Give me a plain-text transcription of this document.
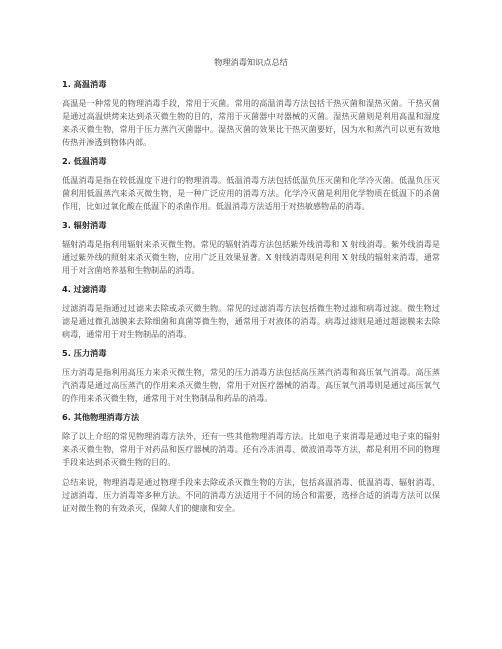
物理消毒知识点总结
1. 高温消毒

高温是一种常见的物理消毒手段，常用于灭菌。常用的高温消毒方法包括干热灭菌和湿热灭菌。干热灭菌是通过高温烘烤来达到杀灭微生物的目的，常用于灭菌器中对器械的灭菌。湿热灭菌则是利用高温和湿度来杀灭微生物，常用于压力蒸汽灭菌器中。湿热灭菌的效果比干热灭菌要好，因为水和蒸汽可以更有效地传热并渗透到物体内部。

2. 低温消毒

低温消毒是指在较低温度下进行的物理消毒。低温消毒方法包括低温负压灭菌和化学冷灭菌。低温负压灭菌利用低温蒸汽来杀灭微生物，是一种广泛应用的消毒方法。化学冷灭菌是利用化学物质在低温下的杀菌作用，比如过氧化酸在低温下的杀菌作用。低温消毒方法适用于对热敏感物品的消毒。

3. 辐射消毒

辐射消毒是指利用辐射来杀灭微生物。常见的辐射消毒方法包括紫外线消毒和 X 射线消毒。紫外线消毒是通过紫外线的照射来杀灭微生物，应用广泛且效果显著。X 射线消毒则是利用 X 射线的辐射来消毒，通常用于对含菌培养基和生物制品的消毒。

4. 过滤消毒

过滤消毒是指通过过滤来去除或杀灭微生物。常见的过滤消毒方法包括微生物过滤和病毒过滤。微生物过滤是通过微孔滤膜来去除细菌和真菌等微生物，通常用于对液体的消毒。病毒过滤则是通过超滤膜来去除病毒，通常用于对生物制品的消毒。

5. 压力消毒

压力消毒是指利用高压力来杀灭微生物，常见的压力消毒方法包括高压蒸汽消毒和高压氧气消毒。高压蒸汽消毒是通过高压蒸汽的作用来杀灭微生物，常用于对医疗器械的消毒。高压氧气消毒则是通过高压氧气的作用来杀灭微生物，通常用于对生物制品和药品的消毒。

6. 其他物理消毒方法

除了以上介绍的常见物理消毒方法外，还有一些其他物理消毒方法。比如电子束消毒是通过电子束的辐射来杀灭微生物，常用于对药品和医疗器械的消毒。还有冷冻消毒、微波消毒等方法，都是利用不同的物理手段来达到杀灭微生物的目的。

总结来说，物理消毒是通过物理手段来去除或杀灭微生物的方法，包括高温消毒、低温消毒、辐射消毒、过滤消毒、压力消毒等多种方法。不同的消毒方法适用于不同的场合和需要，选择合适的消毒方法可以保证对微生物的有效杀灭，保障人们的健康和安全。
